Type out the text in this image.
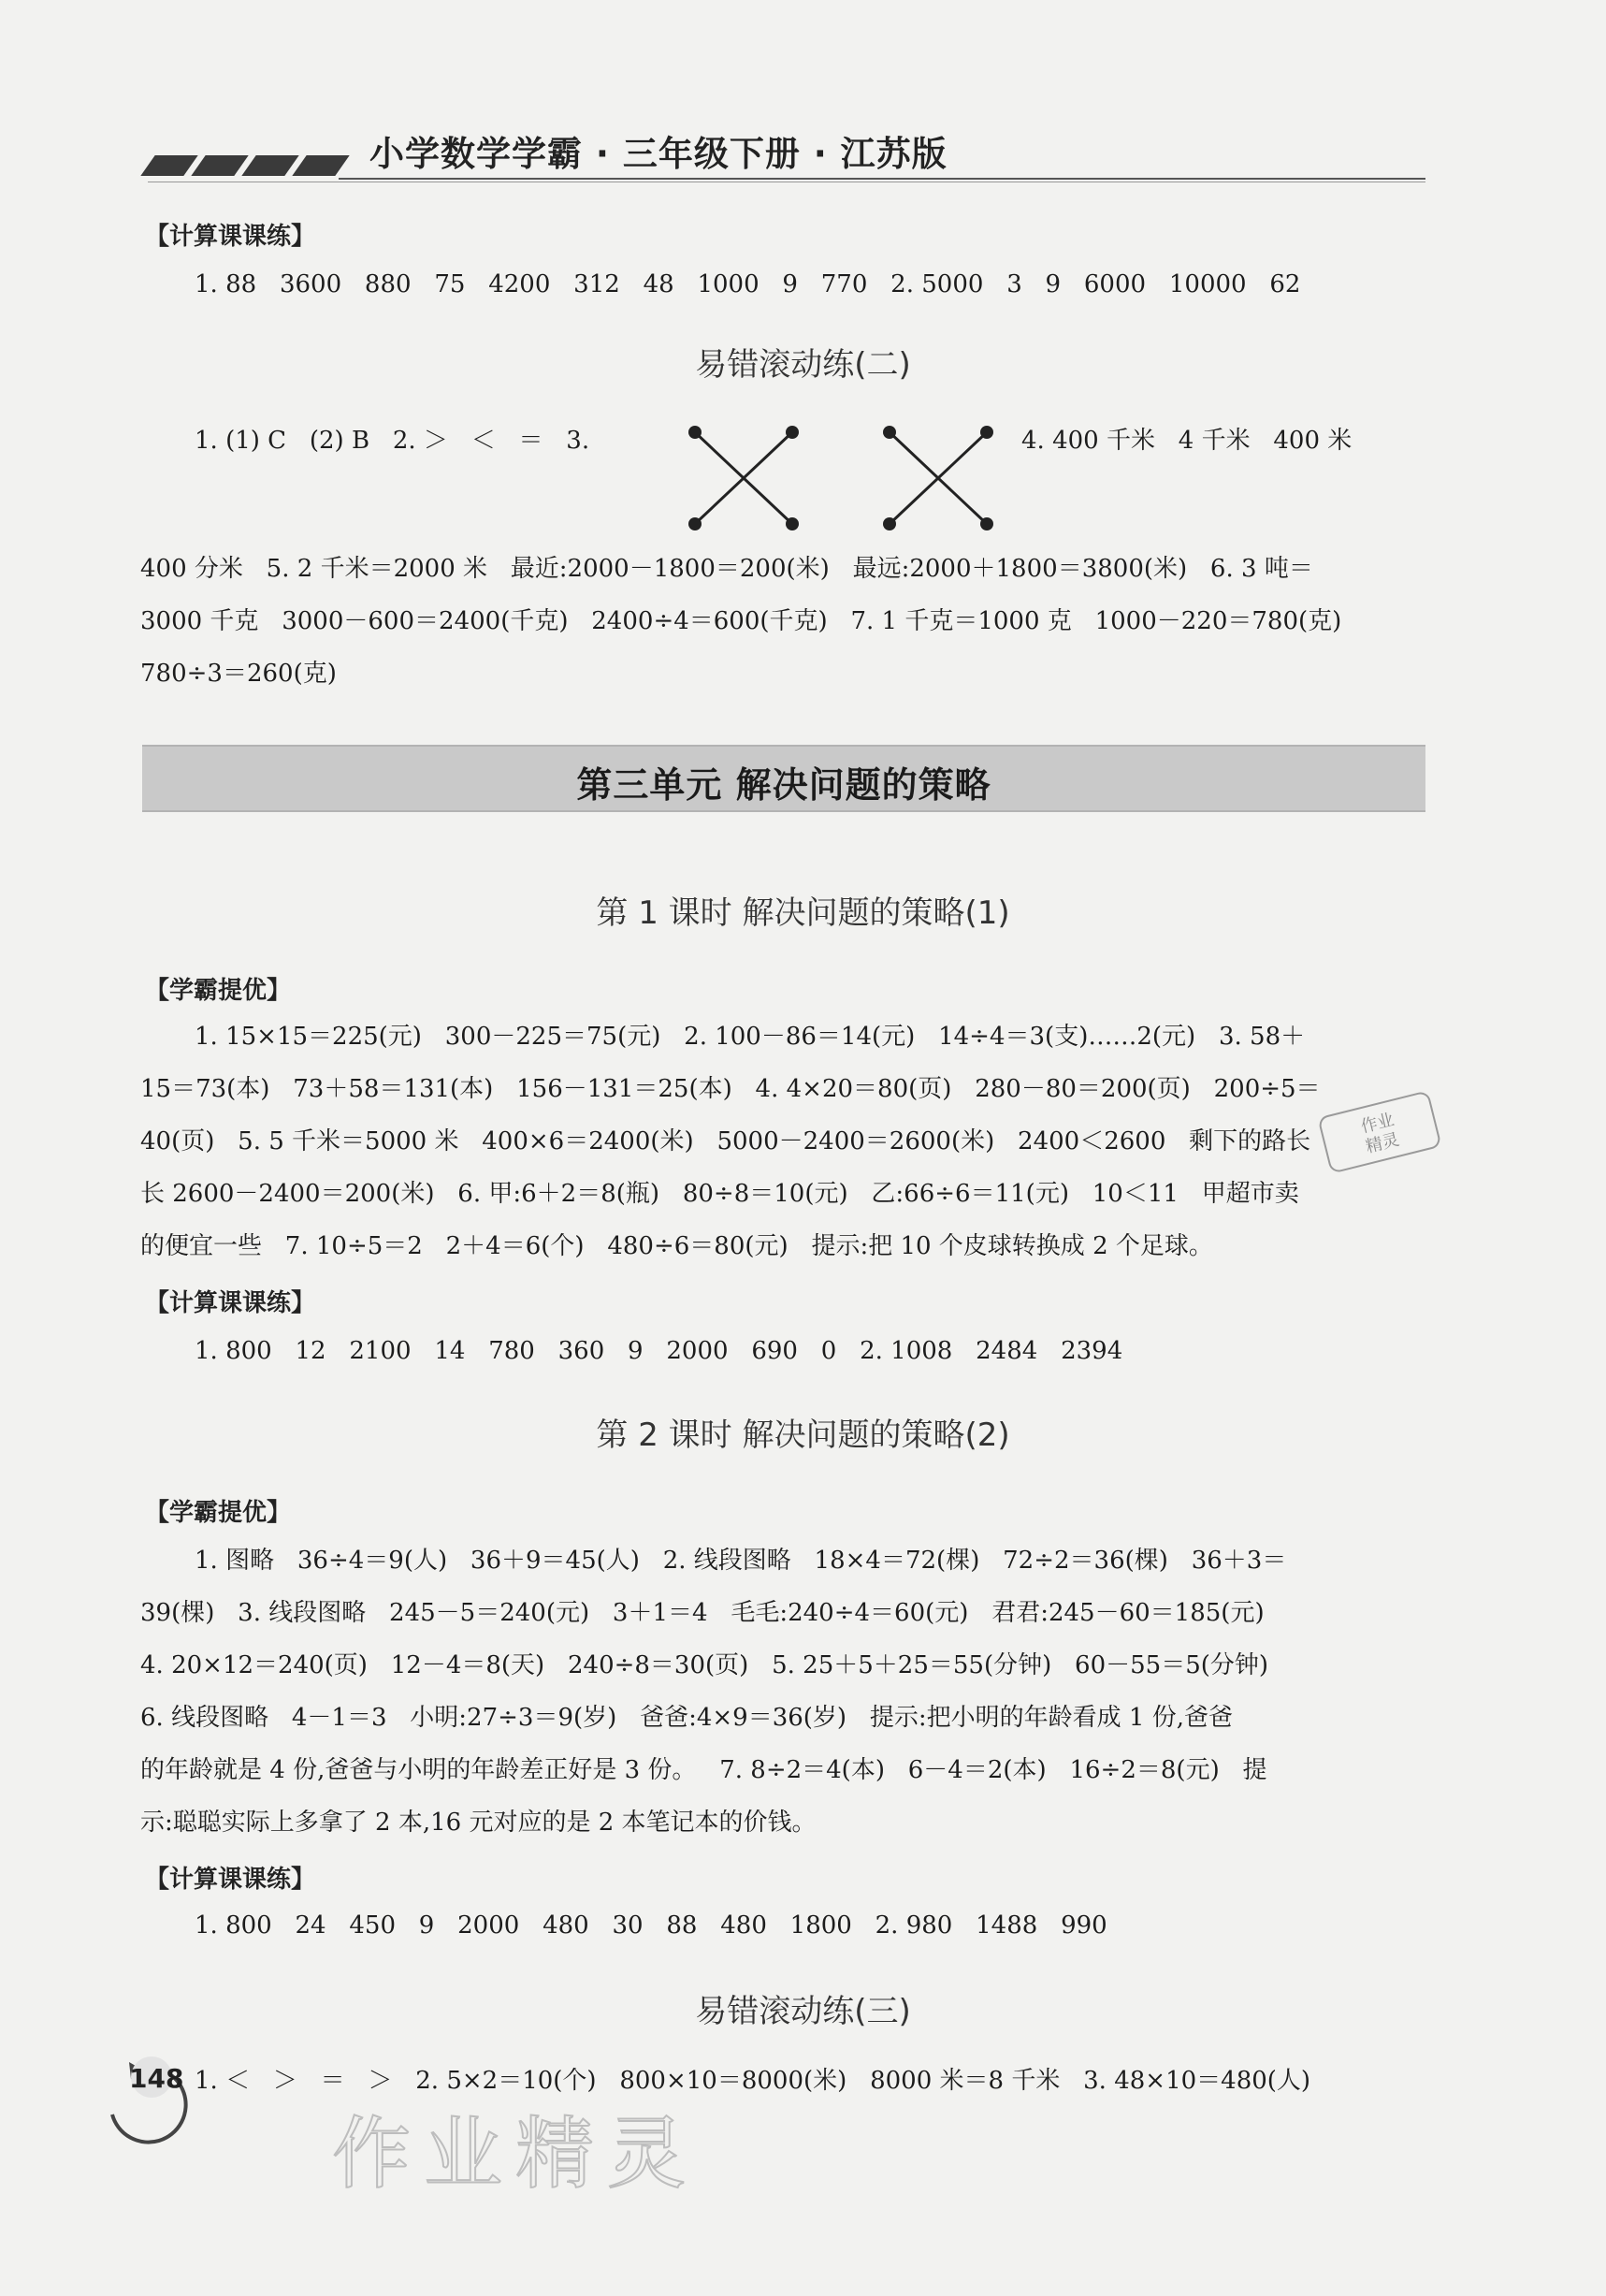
小学数学学霸 · 三年级下册 · 江苏版
【计算课课练】
1. 88   3600   880   75   4200   312   48   1000   9   770   2. 5000   3   9   6000   10000   62
易错滚动练(二)
1. (1) C   (2) B   2. ＞   ＜   ＝   3.	4. 400 千米   4 千米   400 米
400 分米   5. 2 千米＝2000 米   最近:2000－1800＝200(米)   最远:2000＋1800＝3800(米)   6. 3 吨＝
3000 千克   3000－600＝2400(千克)   2400÷4＝600(千克)   7. 1 千克＝1000 克   1000－220＝780(克)
780÷3＝260(克)
第三单元 解决问题的策略
第 1 课时 解决问题的策略(1)
【学霸提优】
1. 15×15＝225(元)   300－225＝75(元)   2. 100－86＝14(元)   14÷4＝3(支)……2(元)   3. 58＋
15＝73(本)   73＋58＝131(本)   156－131＝25(本)   4. 4×20＝80(页)   280－80＝200(页)   200÷5＝
40(页)   5. 5 千米＝5000 米   400×6＝2400(米)   5000－2400＝2600(米)   2400＜2600   剩下的路长
长 2600－2400＝200(米)   6. 甲:6＋2＝8(瓶)   80÷8＝10(元)   乙:66÷6＝11(元)   10＜11   甲超市卖
的便宜一些   7. 10÷5＝2   2＋4＝6(个)   480÷6＝80(元)   提示:把 10 个皮球转换成 2 个足球。
【计算课课练】
1. 800   12   2100   14   780   360   9   2000   690   0   2. 1008   2484   2394
第 2 课时 解决问题的策略(2)
【学霸提优】
1. 图略   36÷4＝9(人)   36＋9＝45(人)   2. 线段图略   18×4＝72(棵)   72÷2＝36(棵)   36＋3＝
39(棵)   3. 线段图略   245－5＝240(元)   3＋1＝4   毛毛:240÷4＝60(元)   君君:245－60＝185(元)
4. 20×12＝240(页)   12－4＝8(天)   240÷8＝30(页)   5. 25＋5＋25＝55(分钟)   60－55＝5(分钟)
6. 线段图略   4－1＝3   小明:27÷3＝9(岁)   爸爸:4×9＝36(岁)   提示:把小明的年龄看成 1 份,爸爸
的年龄就是 4 份,爸爸与小明的年龄差正好是 3 份。   7. 8÷2＝4(本)   6－4＝2(本)   16÷2＝8(元)   提
示:聪聪实际上多拿了 2 本,16 元对应的是 2 本笔记本的价钱。
【计算课课练】
1. 800   24   450   9   2000   480   30   88   480   1800   2. 980   1488   990
易错滚动练(三)
1. ＜   ＞   ＝   ＞   2. 5×2＝10(个)   800×10＝8000(米)   8000 米＝8 千米   3. 48×10＝480(人)
148
作业
精灵
作业精灵
